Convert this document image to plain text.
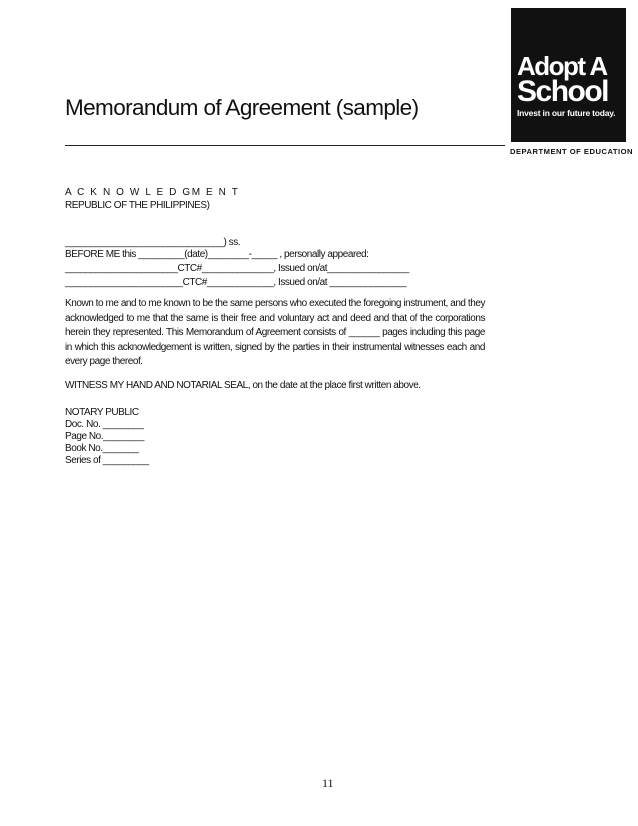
Adopt A
School
Invest in our future today.
DEPARTMENT OF EDUCATION
Memorandum of Agreement (sample)
A C K N O W L E D GM E N T
REPUBLIC OF THE PHILIPPINES)
_______________________________) ss.
BEFORE ME this _________(date)________-_____ , personally appeared:
______________________CTC#______________, Issued on/at________________
_______________________CTC#_____________, Issued on/at _______________
Known to me and to me known to be the same persons who executed the foregoing instrument, and they acknowledged to me that the same is their free and voluntary act and deed and that of the corporations herein they represented. This Memorandum of Agreement consists of ______ pages including this page in which this acknowledgement is written, signed by the parties in their instrumental witnesses each and every page thereof.
WITNESS MY HAND AND NOTARIAL SEAL, on the date at the place first written above.
NOTARY PUBLIC
Doc. No. ________
Page No.________
Book No._______
Series of _________
11
